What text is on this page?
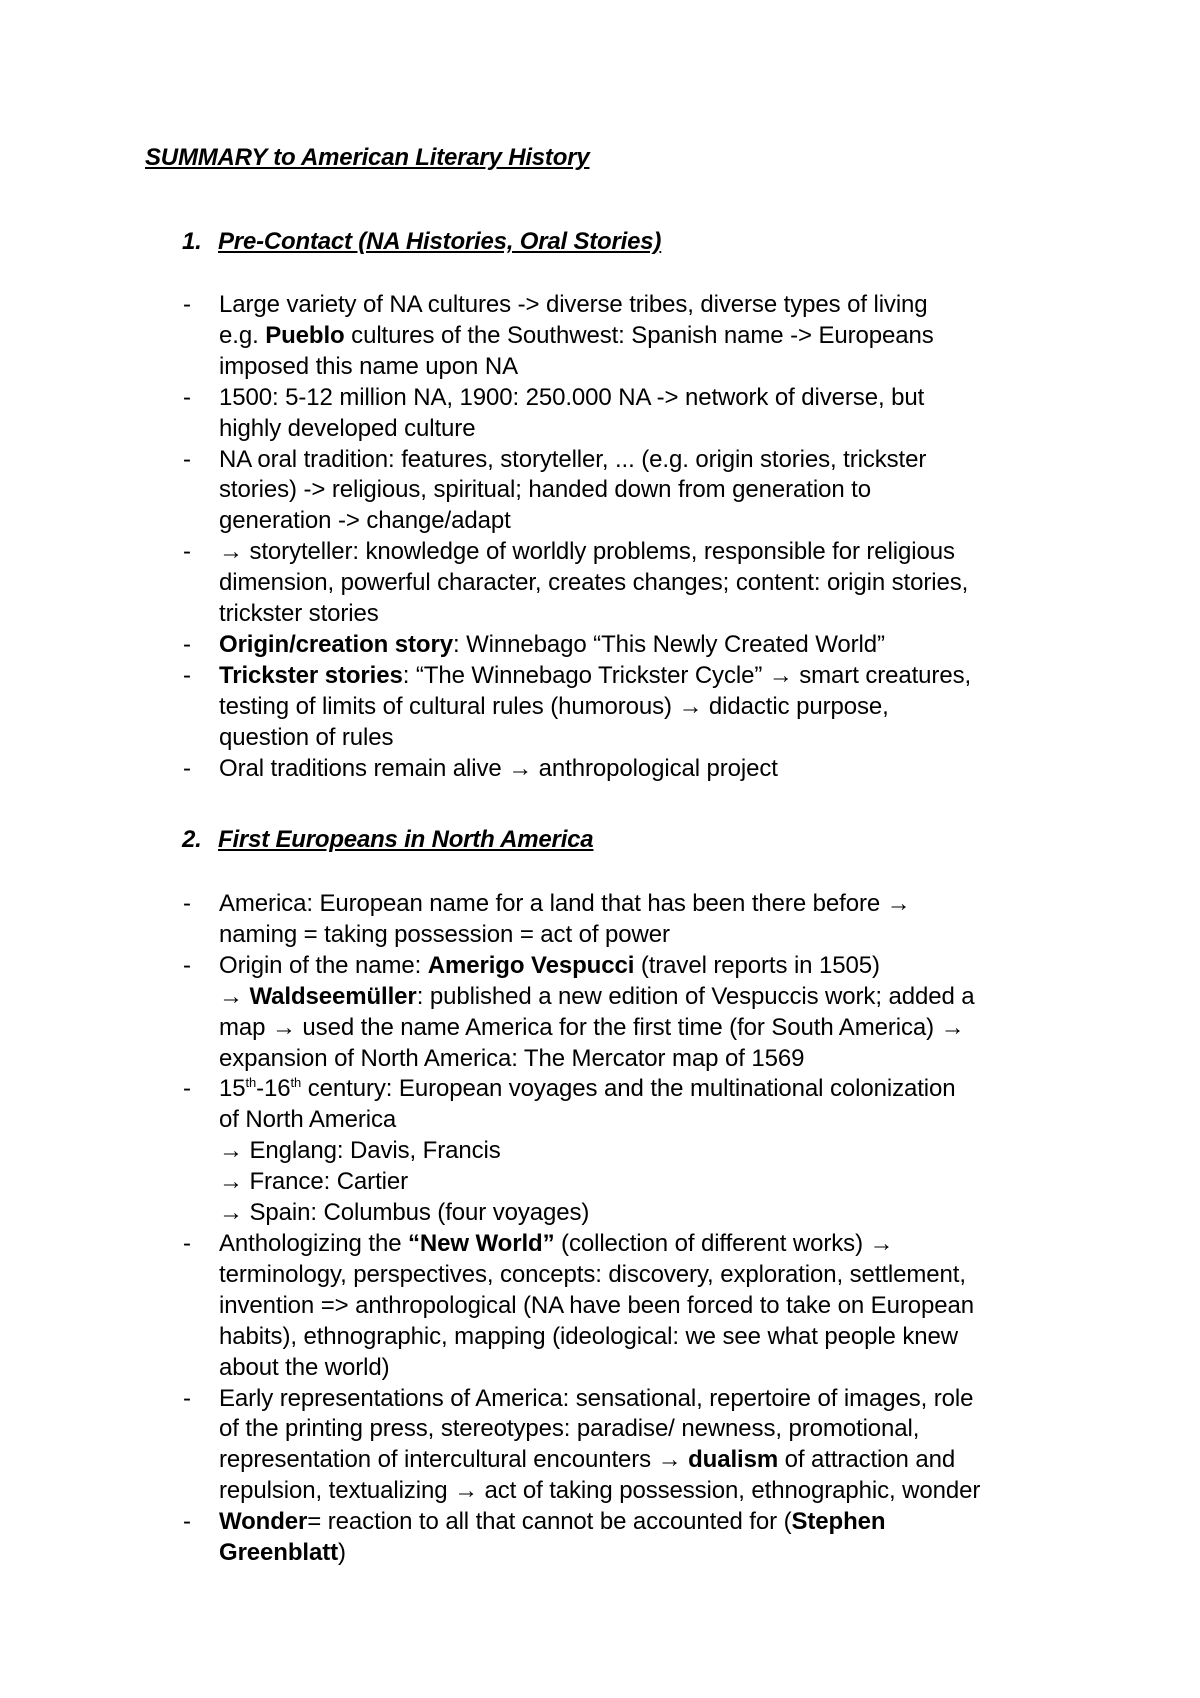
SUMMARY to American Literary History
1. Pre-Contact (NA Histories, Oral Stories)
- Large variety of NA cultures -> diverse tribes, diverse types of living
e.g. Pueblo cultures of the Southwest: Spanish name -> Europeans
imposed this name upon NA
- 1500: 5-12 million NA, 1900: 250.000 NA -> network of diverse, but
highly developed culture
- NA oral tradition: features, storyteller, ... (e.g. origin stories, trickster
stories) -> religious, spiritual; handed down from generation to
generation -> change/adapt
- → storyteller: knowledge of worldly problems, responsible for religious
dimension, powerful character, creates changes; content: origin stories,
trickster stories
- Origin/creation story: Winnebago “This Newly Created World”
- Trickster stories: “The Winnebago Trickster Cycle” → smart creatures,
testing of limits of cultural rules (humorous) → didactic purpose,
question of rules
- Oral traditions remain alive → anthropological project
2. First Europeans in North America
- America: European name for a land that has been there before →
naming = taking possession = act of power
- Origin of the name: Amerigo Vespucci (travel reports in 1505)
→ Waldseemüller: published a new edition of Vespuccis work; added a
map → used the name America for the first time (for South America) →
expansion of North America: The Mercator map of 1569
- 15th-16th century: European voyages and the multinational colonization
of North America
→ Englang: Davis, Francis
→ France: Cartier
→ Spain: Columbus (four voyages)
- Anthologizing the “New World” (collection of different works) →
terminology, perspectives, concepts: discovery, exploration, settlement,
invention => anthropological (NA have been forced to take on European
habits), ethnographic, mapping (ideological: we see what people knew
about the world)
- Early representations of America: sensational, repertoire of images, role
of the printing press, stereotypes: paradise/ newness, promotional,
representation of intercultural encounters → dualism of attraction and
repulsion, textualizing → act of taking possession, ethnographic, wonder
- Wonder= reaction to all that cannot be accounted for (Stephen
Greenblatt)
